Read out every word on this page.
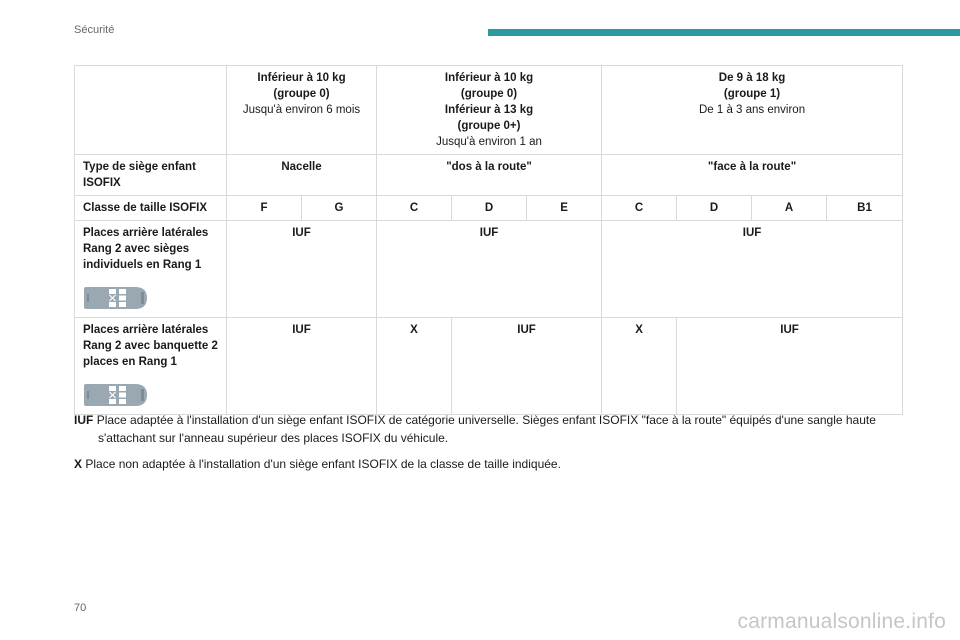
Sécurité

	Inférieur à 10 kg
(groupe 0)
Jusqu'à environ 6 mois		Inférieur à 10 kg
(groupe 0)
Inférieur à 13 kg
(groupe 0+)
Jusqu'à environ 1 an			De 9 à 18 kg
(groupe 1)
De 1 à 3 ans environ			

Type de siège enfant ISOFIX	Nacelle		"dos à la route"			"face à la route"			
Classe de taille ISOFIX	F	G	C	D	E	C	D	A	B1
Places arrière latérales Rang 2 avec sièges individuels en Rang 1	IUF		IUF			IUF			
Places arrière latérales Rang 2 avec banquette 2 places en Rang 1	IUF		X	IUF		X	IUF		
IUF Place adaptée à l'installation d'un siège enfant ISOFIX de catégorie universelle. Sièges enfant ISOFIX "face à la route" équipés d'une sangle haute
s'attachant sur l'anneau supérieur des places ISOFIX du véhicule.
X Place non adaptée à l'installation d'un siège enfant ISOFIX de la classe de taille indiquée.
70
carmanualsonline.info
